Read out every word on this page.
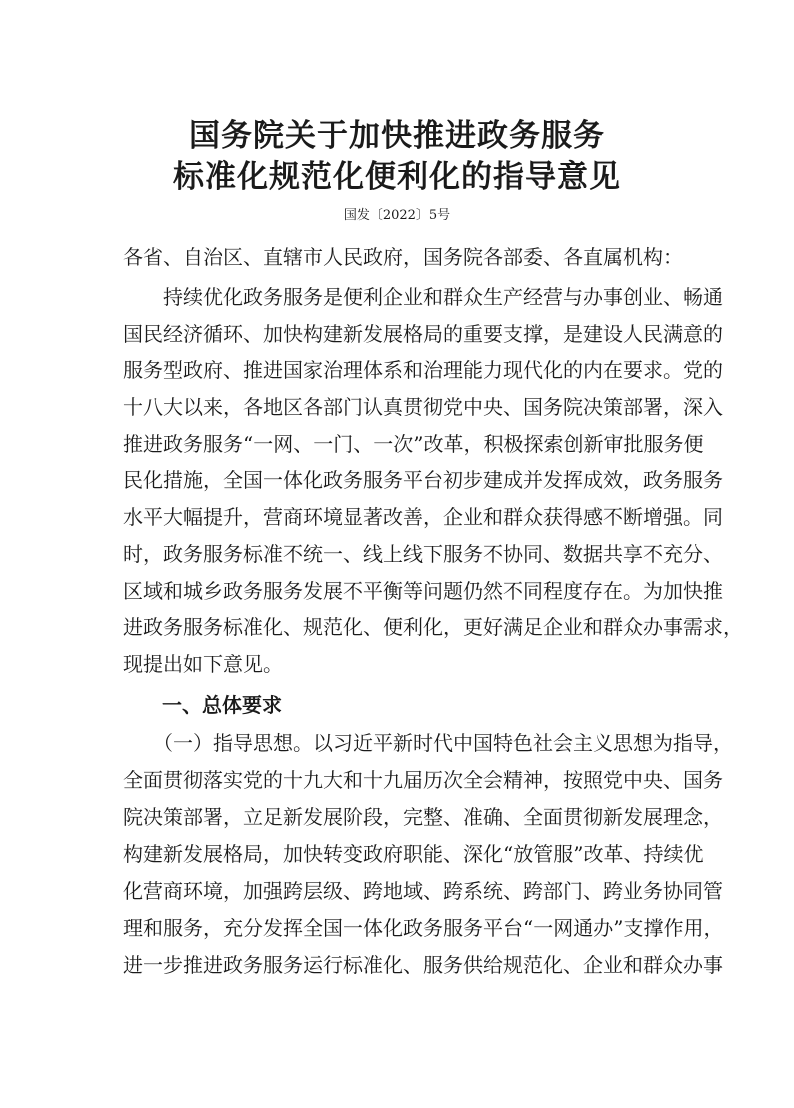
国务院关于加快推进政务服务
标准化规范化便利化的指导意见
国发〔2022〕5号
各省、自治区、直辖市人民政府，国务院各部委、各直属机构：
　　持续优化政务服务是便利企业和群众生产经营与办事创业、畅通
国民经济循环、加快构建新发展格局的重要支撑，是建设人民满意的
服务型政府、推进国家治理体系和治理能力现代化的内在要求。党的
十八大以来，各地区各部门认真贯彻党中央、国务院决策部署，深入
推进政务服务“一网、一门、一次”改革，积极探索创新审批服务便
民化措施，全国一体化政务服务平台初步建成并发挥成效，政务服务
水平大幅提升，营商环境显著改善，企业和群众获得感不断增强。同
时，政务服务标准不统一、线上线下服务不协同、数据共享不充分、
区域和城乡政务服务发展不平衡等问题仍然不同程度存在。为加快推
进政务服务标准化、规范化、便利化，更好满足企业和群众办事需求，
现提出如下意见。
一、总体要求
　　（一）指导思想。以习近平新时代中国特色社会主义思想为指导，
全面贯彻落实党的十九大和十九届历次全会精神，按照党中央、国务
院决策部署，立足新发展阶段，完整、准确、全面贯彻新发展理念，
构建新发展格局，加快转变政府职能、深化“放管服”改革、持续优
化营商环境，加强跨层级、跨地域、跨系统、跨部门、跨业务协同管
理和服务，充分发挥全国一体化政务服务平台“一网通办”支撑作用，
进一步推进政务服务运行标准化、服务供给规范化、企业和群众办事
